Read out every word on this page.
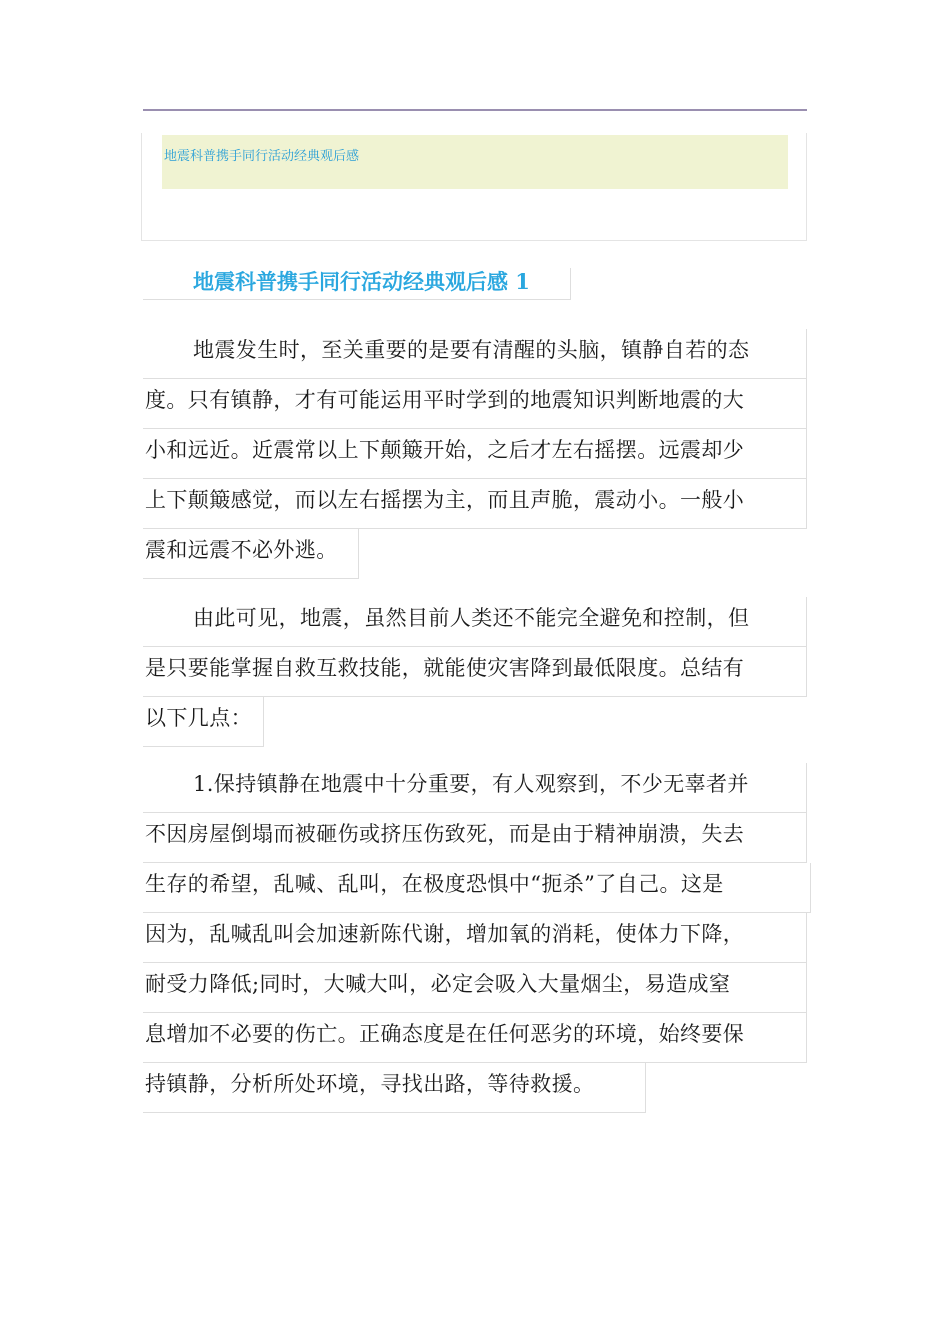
地震科普携手同行活动经典观后感
地震科普携手同行活动经典观后感 1
地震发生时，至关重要的是要有清醒的头脑，镇静自若的态
度。只有镇静，才有可能运用平时学到的地震知识判断地震的大
小和远近。近震常以上下颠簸开始，之后才左右摇摆。远震却少
上下颠簸感觉，而以左右摇摆为主，而且声脆，震动小。一般小
震和远震不必外逃。
由此可见，地震，虽然目前人类还不能完全避免和控制，但
是只要能掌握自救互救技能，就能使灾害降到最低限度。总结有
以下几点：
1.保持镇静在地震中十分重要，有人观察到，不少无辜者并
不因房屋倒塌而被砸伤或挤压伤致死，而是由于精神崩溃，失去
生存的希望，乱喊、乱叫，在极度恐惧中“扼杀”了自己。这是
因为，乱喊乱叫会加速新陈代谢，增加氧的消耗，使体力下降，
耐受力降低;同时，大喊大叫，必定会吸入大量烟尘，易造成窒
息增加不必要的伤亡。正确态度是在任何恶劣的环境，始终要保
持镇静，分析所处环境，寻找出路，等待救援。
